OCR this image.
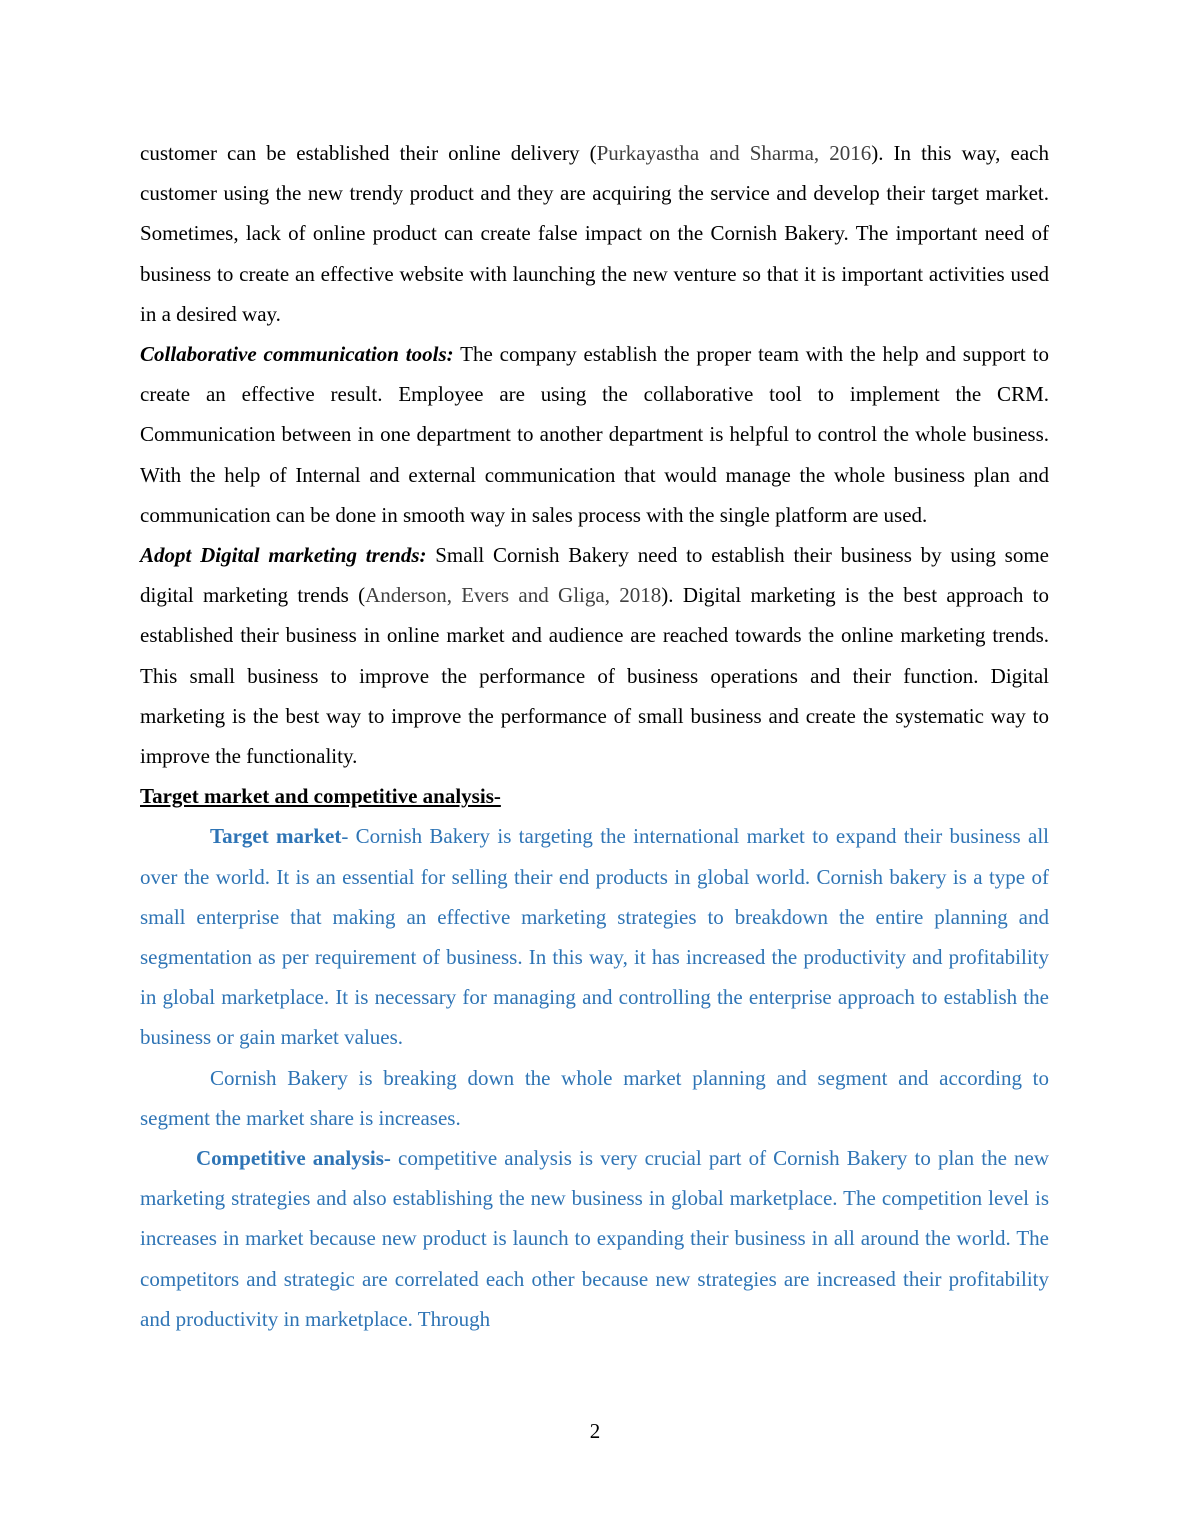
customer can be established their online delivery (Purkayastha and Sharma, 2016). In this way, each customer using the new trendy product and they are acquiring the service and develop their target market. Sometimes, lack of online product can create false impact on the Cornish Bakery. The important need of business to create an effective website with launching the new venture so that it is important activities used in a desired way.

Collaborative communication tools: The company establish the proper team with the help and support to create an effective result. Employee are using the collaborative tool to implement the CRM. Communication between in one department to another department is helpful to control the whole business. With the help of Internal and external communication that would manage the whole business plan and communication can be done in smooth way in sales process with the single platform are used.

Adopt Digital marketing trends: Small Cornish Bakery need to establish their business by using some digital marketing trends (Anderson, Evers and Gliga, 2018). Digital marketing is the best approach to established their business in online market and audience are reached towards the online marketing trends. This small business to improve the performance of business operations and their function. Digital marketing is the best way to improve the performance of small business and create the systematic way to improve the functionality.

Target market and competitive analysis-

Target market- Cornish Bakery is targeting the international market to expand their business all over the world. It is an essential for selling their end products in global world. Cornish bakery is a type of small enterprise that making an effective marketing strategies to breakdown the entire planning and segmentation as per requirement of business. In this way, it has increased the productivity and profitability in global marketplace. It is necessary for managing and controlling the enterprise approach to establish the business or gain market values.

Cornish Bakery is breaking down the whole market planning and segment and according to segment the market share is increases.

Competitive analysis- competitive analysis is very crucial part of Cornish Bakery to plan the new marketing strategies and also establishing the new business in global marketplace. The competition level is increases in market because new product is launch to expanding their business in all around the world. The competitors and strategic are correlated each other because new strategies are increased their profitability and productivity in marketplace. Through

2
